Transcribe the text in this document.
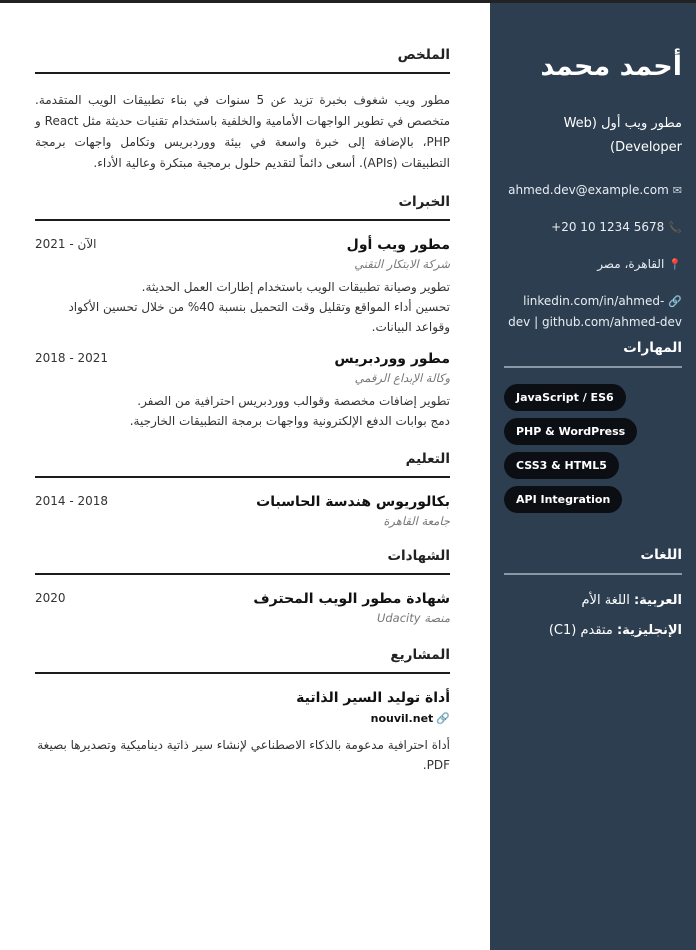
أحمد محمد
مطور ويب أول (Web Developer)
✉ahmed.dev@example.com
📞+20 10 1234 5678
📍القاهرة، مصر
🔗linkedin.com/in/ahmed-dev | github.com/ahmed-dev
المهارات
JavaScript / ES6
PHP & WordPress
CSS3 & HTML5
API Integration
اللغات
العربية: اللغة الأم
الإنجليزية: متقدم (C1)
الملخص

مطور ويب شغوف بخبرة تزيد عن 5 سنوات في بناء تطبيقات الويب المتقدمة. متخصص في تطوير الواجهات الأمامية والخلفية باستخدام تقنيات حديثة مثل React و PHP، بالإضافة إلى خبرة واسعة في بيئة ووردبريس وتكامل واجهات برمجة التطبيقات (APIs). أسعى دائماً لتقديم حلول برمجية مبتكرة وعالية الأداء.

الخبرات
مطور ويب أول
2021 - الآن
شركة الابتكار التقني
تطوير وصيانة تطبيقات الويب باستخدام إطارات العمل الحديثة.
تحسين أداء المواقع وتقليل وقت التحميل بنسبة 40% من خلال تحسين الأكواد وقواعد البيانات.
مطور ووردبريس
2018 - 2021
وكالة الإبداع الرقمي
تطوير إضافات مخصصة وقوالب ووردبريس احترافية من الصفر.
دمج بوابات الدفع الإلكترونية وواجهات برمجة التطبيقات الخارجية.
التعليم
بكالوريوس هندسة الحاسبات
2014 - 2018
جامعة القاهرة
الشهادات
شهادة مطور الويب المحترف
2020
منصة Udacity
المشاريع
أداة توليد السير الذاتية
🔗nouvil.net
أداة احترافية مدعومة بالذكاء الاصطناعي لإنشاء سير ذاتية ديناميكية وتصديرها بصيغة PDF.
